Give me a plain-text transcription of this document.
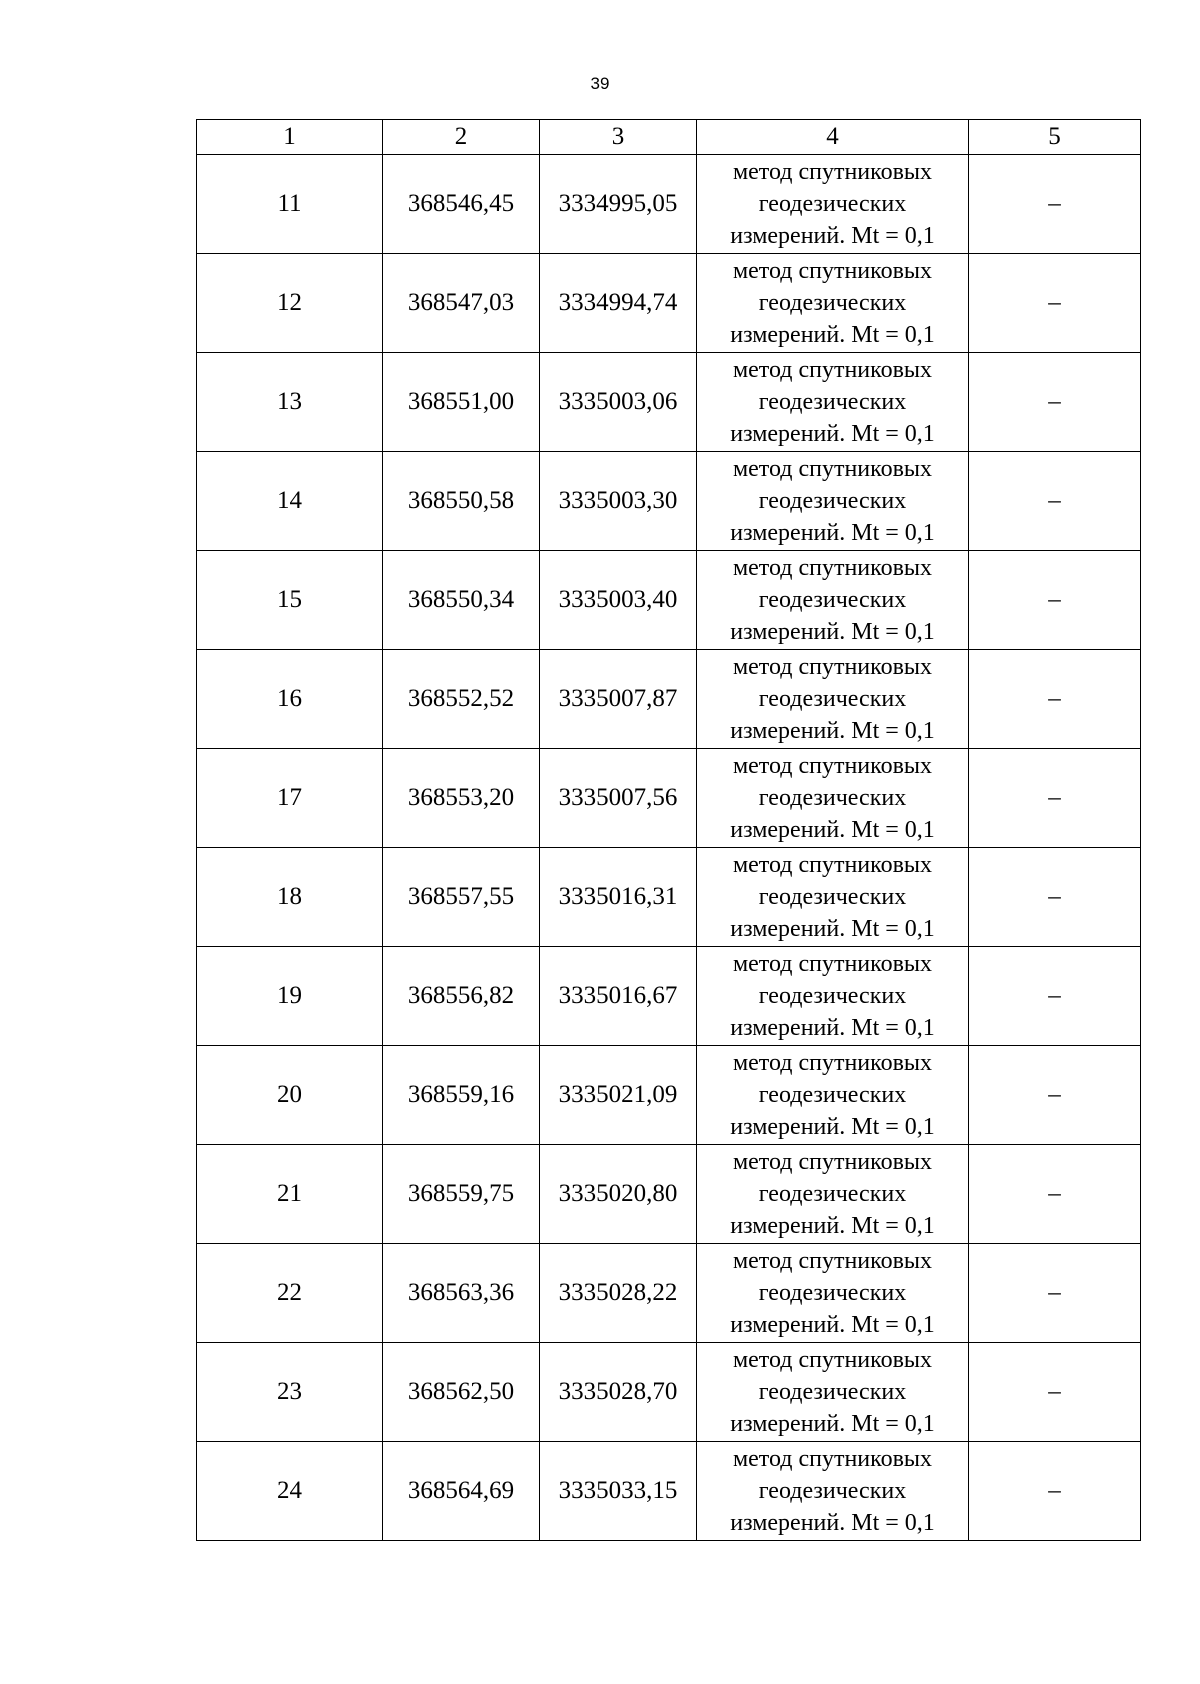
39
1	2	3	4	5
11	368546,45	3334995,05	метод спутниковых
геодезических
измерений. Mt = 0,1	–
12	368547,03	3334994,74	метод спутниковых
геодезических
измерений. Mt = 0,1	–
13	368551,00	3335003,06	метод спутниковых
геодезических
измерений. Mt = 0,1	–
14	368550,58	3335003,30	метод спутниковых
геодезических
измерений. Mt = 0,1	–
15	368550,34	3335003,40	метод спутниковых
геодезических
измерений. Mt = 0,1	–
16	368552,52	3335007,87	метод спутниковых
геодезических
измерений. Mt = 0,1	–
17	368553,20	3335007,56	метод спутниковых
геодезических
измерений. Mt = 0,1	–
18	368557,55	3335016,31	метод спутниковых
геодезических
измерений. Mt = 0,1	–
19	368556,82	3335016,67	метод спутниковых
геодезических
измерений. Mt = 0,1	–
20	368559,16	3335021,09	метод спутниковых
геодезических
измерений. Mt = 0,1	–
21	368559,75	3335020,80	метод спутниковых
геодезических
измерений. Mt = 0,1	–
22	368563,36	3335028,22	метод спутниковых
геодезических
измерений. Mt = 0,1	–
23	368562,50	3335028,70	метод спутниковых
геодезических
измерений. Mt = 0,1	–
24	368564,69	3335033,15	метод спутниковых
геодезических
измерений. Mt = 0,1	–
